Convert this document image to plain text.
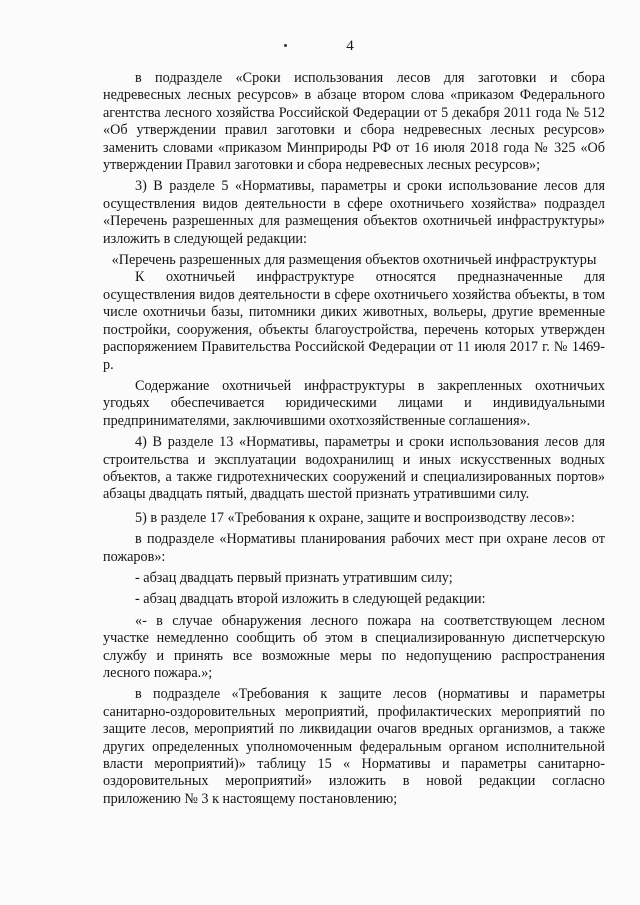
4

в подразделе «Сроки использования лесов для заготовки и сбора недревесных лесных ресурсов» в абзаце втором слова «приказом Федерального агентства лесного хозяйства Российской Федерации от 5 декабря 2011 года № 512 «Об утверждении правил заготовки и сбора недревесных лесных ресурсов» заменить словами «приказом Минприроды РФ от 16 июля 2018 года № 325 «Об утверждении Правил заготовки и сбора недревесных лесных ресурсов»;

3) В разделе 5 «Нормативы, параметры и сроки использование лесов для осуществления видов деятельности в сфере охотничьего хозяйства» подраздел «Перечень разрешенных для размещения объектов охотничьей инфраструктуры» изложить в следующей редакции:

«Перечень разрешенных для размещения объектов охотничьей инфраструктуры

К охотничьей инфраструктуре относятся предназначенные для осуществления видов деятельности в сфере охотничьего хозяйства объекты, в том числе охотничьи базы, питомники диких животных, вольеры, другие временные постройки, сооружения, объекты благоустройства, перечень которых утвержден распоряжением Правительства Российской Федерации от 11 июля 2017 г. № 1469-р.

Содержание охотничьей инфраструктуры в закрепленных охотничьих угодьях обеспечивается юридическими лицами и индивидуальными предпринимателями, заключившими охотхозяйственные соглашения».

4) В разделе 13 «Нормативы, параметры и сроки использования лесов для строительства и эксплуатации водохранилищ и иных искусственных водных объектов, а также гидротехнических сооружений и специализированных портов» абзацы двадцать пятый, двадцать шестой признать утратившими силу.

5) в разделе 17 «Требования к охране, защите и воспроизводству лесов»:

в подразделе «Нормативы планирования рабочих мест при охране лесов от пожаров»:

- абзац двадцать первый признать утратившим силу;

- абзац двадцать второй изложить в следующей редакции:

«- в случае обнаружения лесного пожара на соответствующем лесном участке немедленно сообщить об этом в специализированную диспетчерскую службу и принять все возможные меры по недопущению распространения лесного пожара.»;

в подразделе «Требования к защите лесов (нормативы и параметры санитарно-оздоровительных мероприятий, профилактических мероприятий по защите лесов, мероприятий по ликвидации очагов вредных организмов, а также других определенных уполномоченным федеральным органом исполнительной власти мероприятий)» таблицу 15 « Нормативы и параметры санитарно-оздоровительных мероприятий» изложить в новой редакции согласно приложению № 3 к настоящему постановлению;
